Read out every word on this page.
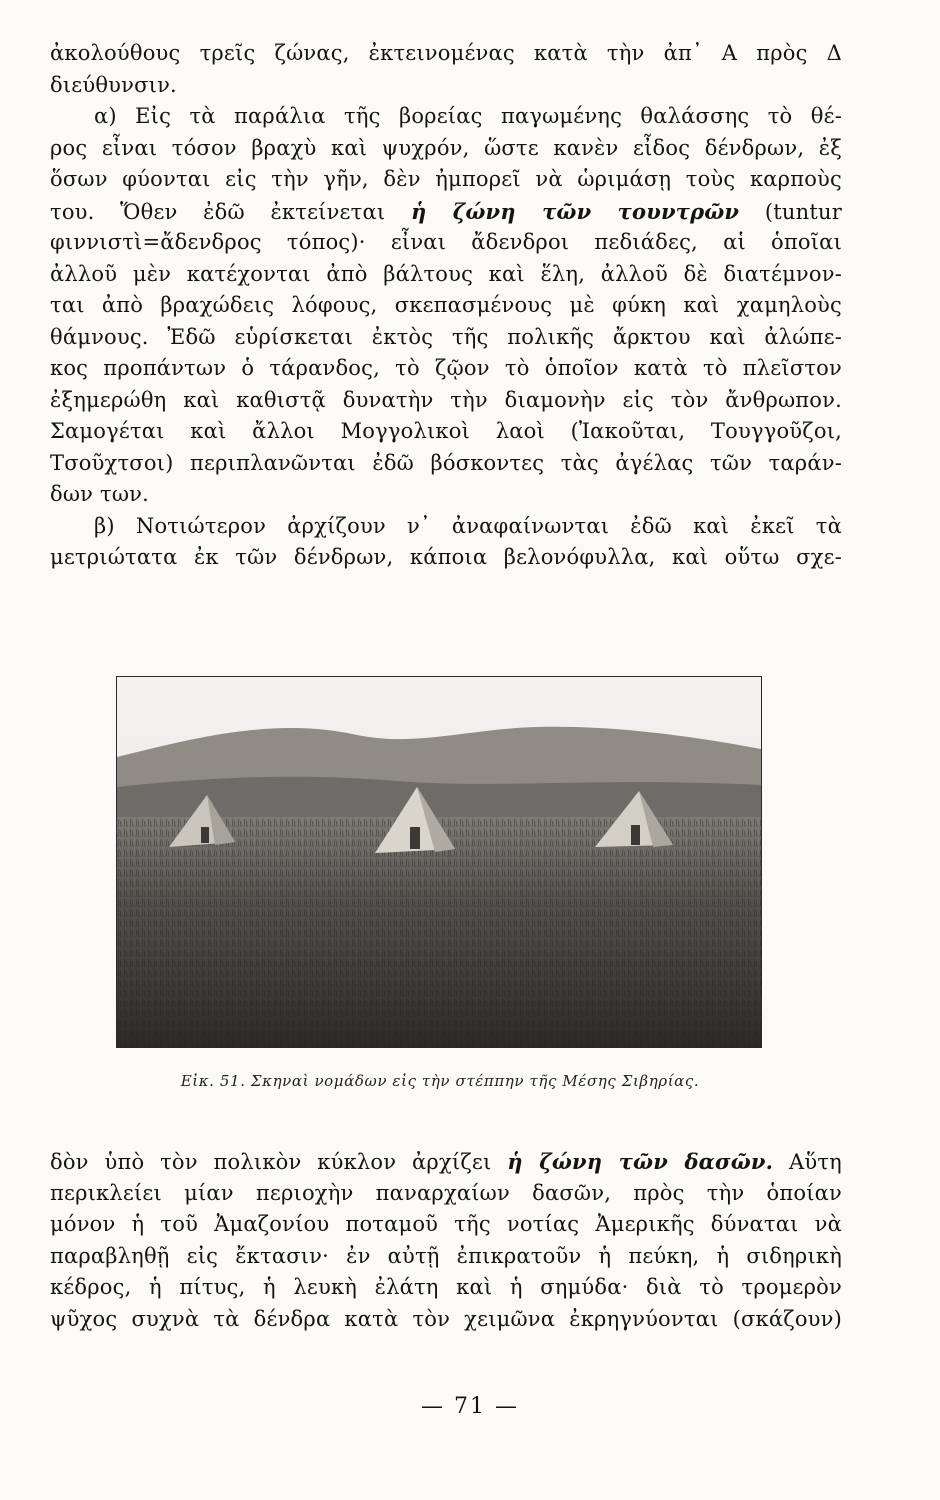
ἀκολούθους τρεῖς ζώνας, ἐκτεινομένας κατὰ τὴν ἀπ᾽ Α πρὸς Δ
διεύθυνσιν.
α) Εἰς τὰ παράλια τῆς βορείας παγωμένης θαλάσσης τὸ θέ-
ρος εἶναι τόσον βραχὺ καὶ ψυχρόν, ὥστε κανὲν εἶδος δένδρων, ἐξ
ὅσων φύονται εἰς τὴν γῆν, δὲν ἠμπορεῖ νὰ ὡριμάσῃ τοὺς καρποὺς
του. Ὅθεν ἐδῶ ἐκτείνεται ἡ ζώνη τῶν τουντρῶν (tuntur
φιννιστὶ=ἄδενδρος τόπος)· εἶναι ἄδενδροι πεδιάδες, αἱ ὁποῖαι
ἀλλοῦ μὲν κατέχονται ἀπὸ βάλτους καὶ ἕλη, ἀλλοῦ δὲ διατέμνον-
ται ἀπὸ βραχώδεις λόφους, σκεπασμένους μὲ φύκη καὶ χαμηλοὺς
θάμνους. Ἐδῶ εὑρίσκεται ἐκτὸς τῆς πολικῆς ἄρκτου καὶ ἀλώπε-
κος προπάντων ὁ τάρανδος, τὸ ζῷον τὸ ὁποῖον κατὰ τὸ πλεῖστον
ἐξημερώθη καὶ καθιστᾷ δυνατὴν τὴν διαμονὴν εἰς τὸν ἄνθρωπον.
Σαμογέται καὶ ἄλλοι Μογγολικοὶ λαοὶ (Ἰακοῦται, Τουγγοῦζοι,
Τσοῦχτσοι) περιπλανῶνται ἐδῶ βόσκοντες τὰς ἀγέλας τῶν ταράν-
δων των.
β) Νοτιώτερον ἀρχίζουν ν᾽ ἀναφαίνωνται ἐδῶ καὶ ἐκεῖ τὰ
μετριώτατα ἐκ τῶν δένδρων, κάποια βελονόφυλλα, καὶ οὕτω σχε-
Εἰκ. 51. Σκηναὶ νομάδων εἰς τὴν στέππην τῆς Μέσης Σιβηρίας.
δὸν ὑπὸ τὸν πολικὸν κύκλον ἀρχίζει ἡ ζώνη τῶν δασῶν. Αὕτη
περικλείει μίαν περιοχὴν παναρχαίων δασῶν, πρὸς τὴν ὁποίαν
μόνον ἡ τοῦ Ἀμαζονίου ποταμοῦ τῆς νοτίας Ἀμερικῆς δύναται νὰ
παραβληθῇ εἰς ἔκτασιν· ἐν αὐτῇ ἐπικρατοῦν ἡ πεύκη, ἡ σιδηρικὴ
κέδρος, ἡ πίτυς, ἡ λευκὴ ἐλάτη καὶ ἡ σημύδα· διὰ τὸ τρομερὸν
ψῦχος συχνὰ τὰ δένδρα κατὰ τὸν χειμῶνα ἐκρηγνύονται (σκάζουν)
— 71 —
